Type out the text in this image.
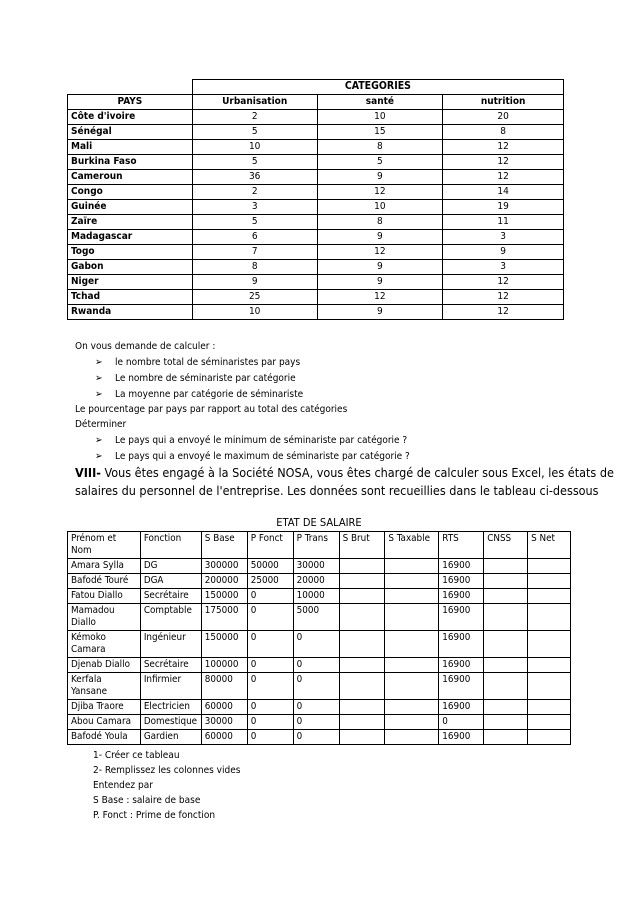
	CATEGORIES		
PAYS	Urbanisation	santé	nutrition
Côte d'ivoire	2	10	20
Sénégal	5	15	8
Mali	10	8	12
Burkina Faso	5	5	12
Cameroun	36	9	12
Congo	2	12	14
Guinée	3	10	19
Zaïre	5	8	11
Madagascar	6	9	3
Togo	7	12	9
Gabon	8	9	3
Niger	9	9	12
Tchad	25	12	12
Rwanda	10	9	12
On vous demande de calculer :
➢ le nombre total de séminaristes par pays
➢ Le nombre de séminariste par catégorie
➢ La moyenne par catégorie de séminariste
Le pourcentage par pays par rapport au total des catégories
Déterminer
➢ Le pays qui a envoyé le minimum de séminariste par catégorie ?
➢ Le pays qui a envoyé le maximum de séminariste par catégorie ?
VIII- Vous êtes engagé à la Société NOSA, vous êtes chargé de calculer sous Excel, les états de
salaires du personnel de l'entreprise. Les données sont recueillies dans le tableau ci-dessous
ETAT DE SALAIRE
Prénom et Nom	Fonction	S Base	P Fonct	P Trans	S Brut	S Taxable	RTS	CNSS	S Net
Amara Sylla	DG	300000	50000	30000			16900		
Bafodé Touré	DGA	200000	25000	20000			16900		
Fatou Diallo	Secrétaire	150000	0	10000			16900		
Mamadou Diallo	Comptable	175000	0	5000			16900		
Kémoko Camara	Ingénieur	150000	0	0			16900		
Djenab Diallo	Secrétaire	100000	0	0			16900		
Kerfala Yansane	Infirmier	80000	0	0			16900		
Djiba Traore	Electricien	60000	0	0			16900		
Abou Camara	Domestique	30000	0	0			0		
Bafodé Youla	Gardien	60000	0	0			16900		
1- Créer ce tableau
2- Remplissez les colonnes vides
Entendez par
S Base : salaire de base
P. Fonct : Prime de fonction
